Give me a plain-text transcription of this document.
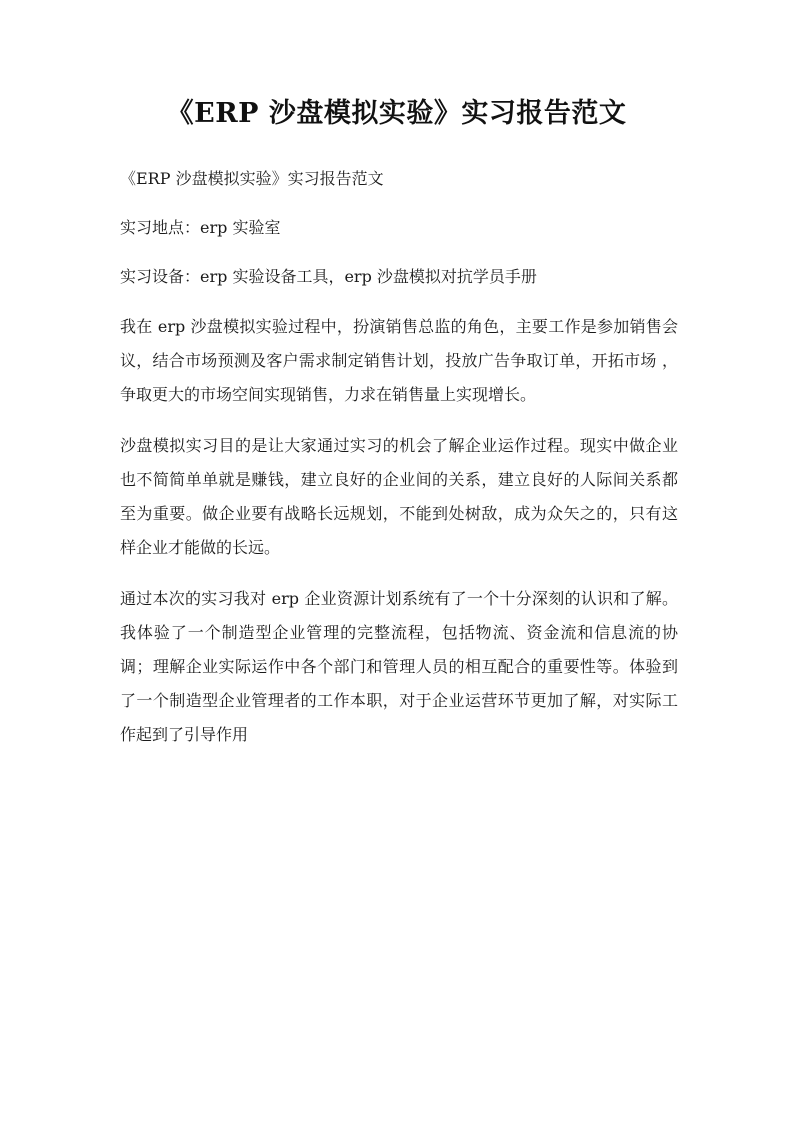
《ERP 沙盘模拟实验》实习报告范文

《ERP 沙盘模拟实验》实习报告范文

实习地点：erp 实验室

实习设备：erp 实验设备工具，erp 沙盘模拟对抗学员手册

我在 erp 沙盘模拟实验过程中，扮演销售总监的角色，主要工作是参加销售会议，结合市场预测及客户需求制定销售计划，投放广告争取订单，开拓市场 ，争取更大的市场空间实现销售，力求在销售量上实现增长。

沙盘模拟实习目的是让大家通过实习的机会了解企业运作过程。现实中做企业也不简简单单就是赚钱，建立良好的企业间的关系，建立良好的人际间关系都至为重要。做企业要有战略长远规划，不能到处树敌，成为众矢之的，只有这样企业才能做的长远。

通过本次的实习我对 erp 企业资源计划系统有了一个十分深刻的认识和了解。我体验了一个制造型企业管理的完整流程，包括物流、资金流和信息流的协调；理解企业实际运作中各个部门和管理人员的相互配合的重要性等。体验到了一个制造型企业管理者的工作本职，对于企业运营环节更加了解，对实际工作起到了引导作用
